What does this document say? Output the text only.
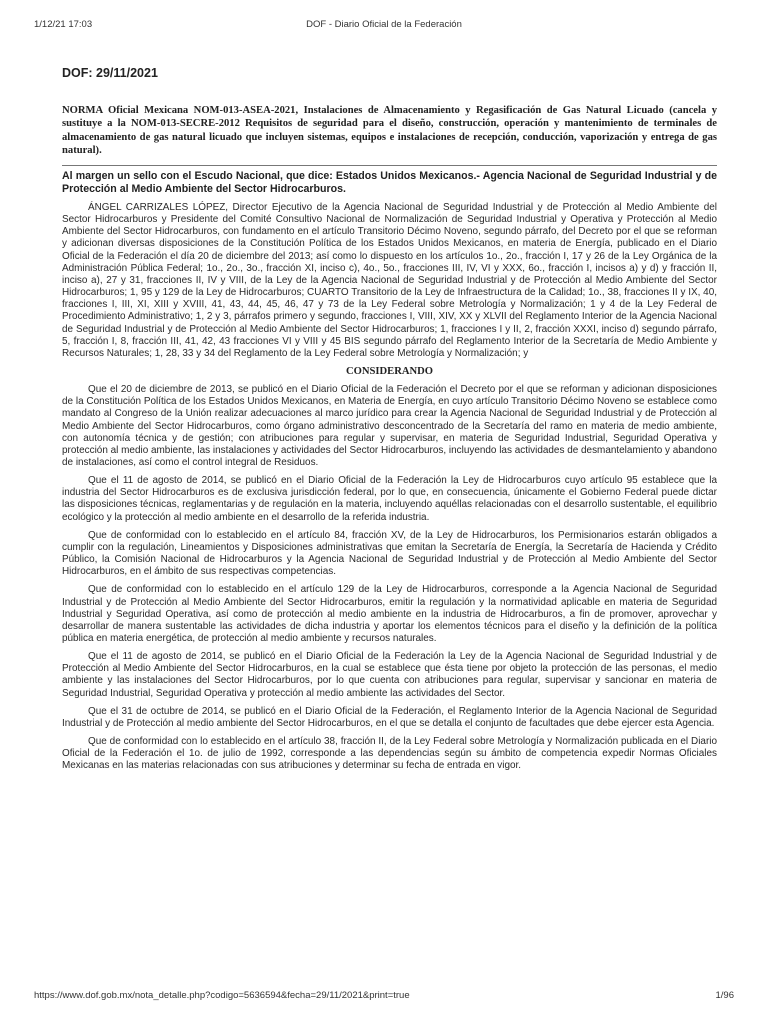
1/12/21 17:03	DOF - Diario Oficial de la Federación
DOF: 29/11/2021
NORMA Oficial Mexicana NOM-013-ASEA-2021, Instalaciones de Almacenamiento y Regasificación de Gas Natural Licuado (cancela y sustituye a la NOM-013-SECRE-2012 Requisitos de seguridad para el diseño, construcción, operación y mantenimiento de terminales de almacenamiento de gas natural licuado que incluyen sistemas, equipos e instalaciones de recepción, conducción, vaporización y entrega de gas natural).
Al margen un sello con el Escudo Nacional, que dice: Estados Unidos Mexicanos.- Agencia Nacional de Seguridad Industrial y de Protección al Medio Ambiente del Sector Hidrocarburos.

ÁNGEL CARRIZALES LÓPEZ, Director Ejecutivo de la Agencia Nacional de Seguridad Industrial y de Protección al Medio Ambiente del Sector Hidrocarburos y Presidente del Comité Consultivo Nacional de Normalización de Seguridad Industrial y Operativa y Protección al Medio Ambiente del Sector Hidrocarburos, con fundamento en el artículo Transitorio Décimo Noveno, segundo párrafo, del Decreto por el que se reforman y adicionan diversas disposiciones de la Constitución Política de los Estados Unidos Mexicanos, en materia de Energía, publicado en el Diario Oficial de la Federación el día 20 de diciembre del 2013; así como lo dispuesto en los artículos 1o., 2o., fracción I, 17 y 26 de la Ley Orgánica de la Administración Pública Federal; 1o., 2o., 3o., fracción XI, inciso c), 4o., 5o., fracciones III, IV, VI y XXX, 6o., fracción I, incisos a) y d) y fracción II, inciso a), 27 y 31, fracciones II, IV y VIII, de la Ley de la Agencia Nacional de Seguridad Industrial y de Protección al Medio Ambiente del Sector Hidrocarburos; 1, 95 y 129 de la Ley de Hidrocarburos; CUARTO Transitorio de la Ley de Infraestructura de la Calidad; 1o., 38, fracciones II y IX, 40, fracciones I, III, XI, XIII y XVIII, 41, 43, 44, 45, 46, 47 y 73 de la Ley Federal sobre Metrología y Normalización; 1 y 4 de la Ley Federal de Procedimiento Administrativo; 1, 2 y 3, párrafos primero y segundo, fracciones I, VIII, XIV, XX y XLVII del Reglamento Interior de la Agencia Nacional de Seguridad Industrial y de Protección al Medio Ambiente del Sector Hidrocarburos; 1, fracciones I y II, 2, fracción XXXI, inciso d) segundo párrafo, 5, fracción I, 8, fracción III, 41, 42, 43 fracciones VI y VIII y 45 BIS segundo párrafo del Reglamento Interior de la Secretaría de Medio Ambiente y Recursos Naturales; 1, 28, 33 y 34 del Reglamento de la Ley Federal sobre Metrología y Normalización; y

CONSIDERANDO

Que el 20 de diciembre de 2013, se publicó en el Diario Oficial de la Federación el Decreto por el que se reforman y adicionan disposiciones de la Constitución Política de los Estados Unidos Mexicanos, en Materia de Energía, en cuyo artículo Transitorio Décimo Noveno se establece como mandato al Congreso de la Unión realizar adecuaciones al marco jurídico para crear la Agencia Nacional de Seguridad Industrial y de Protección al Medio Ambiente del Sector Hidrocarburos, como órgano administrativo desconcentrado de la Secretaría del ramo en materia de medio ambiente, con autonomía técnica y de gestión; con atribuciones para regular y supervisar, en materia de Seguridad Industrial, Seguridad Operativa y protección al medio ambiente, las instalaciones y actividades del Sector Hidrocarburos, incluyendo las actividades de desmantelamiento y abandono de instalaciones, así como el control integral de Residuos.

Que el 11 de agosto de 2014, se publicó en el Diario Oficial de la Federación la Ley de Hidrocarburos cuyo artículo 95 establece que la industria del Sector Hidrocarburos es de exclusiva jurisdicción federal, por lo que, en consecuencia, únicamente el Gobierno Federal puede dictar las disposiciones técnicas, reglamentarias y de regulación en la materia, incluyendo aquéllas relacionadas con el desarrollo sustentable, el equilibrio ecológico y la protección al medio ambiente en el desarrollo de la referida industria.

Que de conformidad con lo establecido en el artículo 84, fracción XV, de la Ley de Hidrocarburos, los Permisionarios estarán obligados a cumplir con la regulación, Lineamientos y Disposiciones administrativas que emitan la Secretaría de Energía, la Secretaría de Hacienda y Crédito Público, la Comisión Nacional de Hidrocarburos y la Agencia Nacional de Seguridad Industrial y de Protección al Medio Ambiente del Sector Hidrocarburos, en el ámbito de sus respectivas competencias.

Que de conformidad con lo establecido en el artículo 129 de la Ley de Hidrocarburos, corresponde a la Agencia Nacional de Seguridad Industrial y de Protección al Medio Ambiente del Sector Hidrocarburos, emitir la regulación y la normatividad aplicable en materia de Seguridad Industrial y Seguridad Operativa, así como de protección al medio ambiente en la industria de Hidrocarburos, a fin de promover, aprovechar y desarrollar de manera sustentable las actividades de dicha industria y aportar los elementos técnicos para el diseño y la definición de la política pública en materia energética, de protección al medio ambiente y recursos naturales.

Que el 11 de agosto de 2014, se publicó en el Diario Oficial de la Federación la Ley de la Agencia Nacional de Seguridad Industrial y de Protección al Medio Ambiente del Sector Hidrocarburos, en la cual se establece que ésta tiene por objeto la protección de las personas, el medio ambiente y las instalaciones del Sector Hidrocarburos, por lo que cuenta con atribuciones para regular, supervisar y sancionar en materia de Seguridad Industrial, Seguridad Operativa y protección al medio ambiente las actividades del Sector.

Que el 31 de octubre de 2014, se publicó en el Diario Oficial de la Federación, el Reglamento Interior de la Agencia Nacional de Seguridad Industrial y de Protección al medio ambiente del Sector Hidrocarburos, en el que se detalla el conjunto de facultades que debe ejercer esta Agencia.

Que de conformidad con lo establecido en el artículo 38, fracción II, de la Ley Federal sobre Metrología y Normalización publicada en el Diario Oficial de la Federación el 1o. de julio de 1992, corresponde a las dependencias según su ámbito de competencia expedir Normas Oficiales Mexicanas en las materias relacionadas con sus atribuciones y determinar su fecha de entrada en vigor.

https://www.dof.gob.mx/nota_detalle.php?codigo=5636594&fecha=29/11/2021&print=true	1/96
